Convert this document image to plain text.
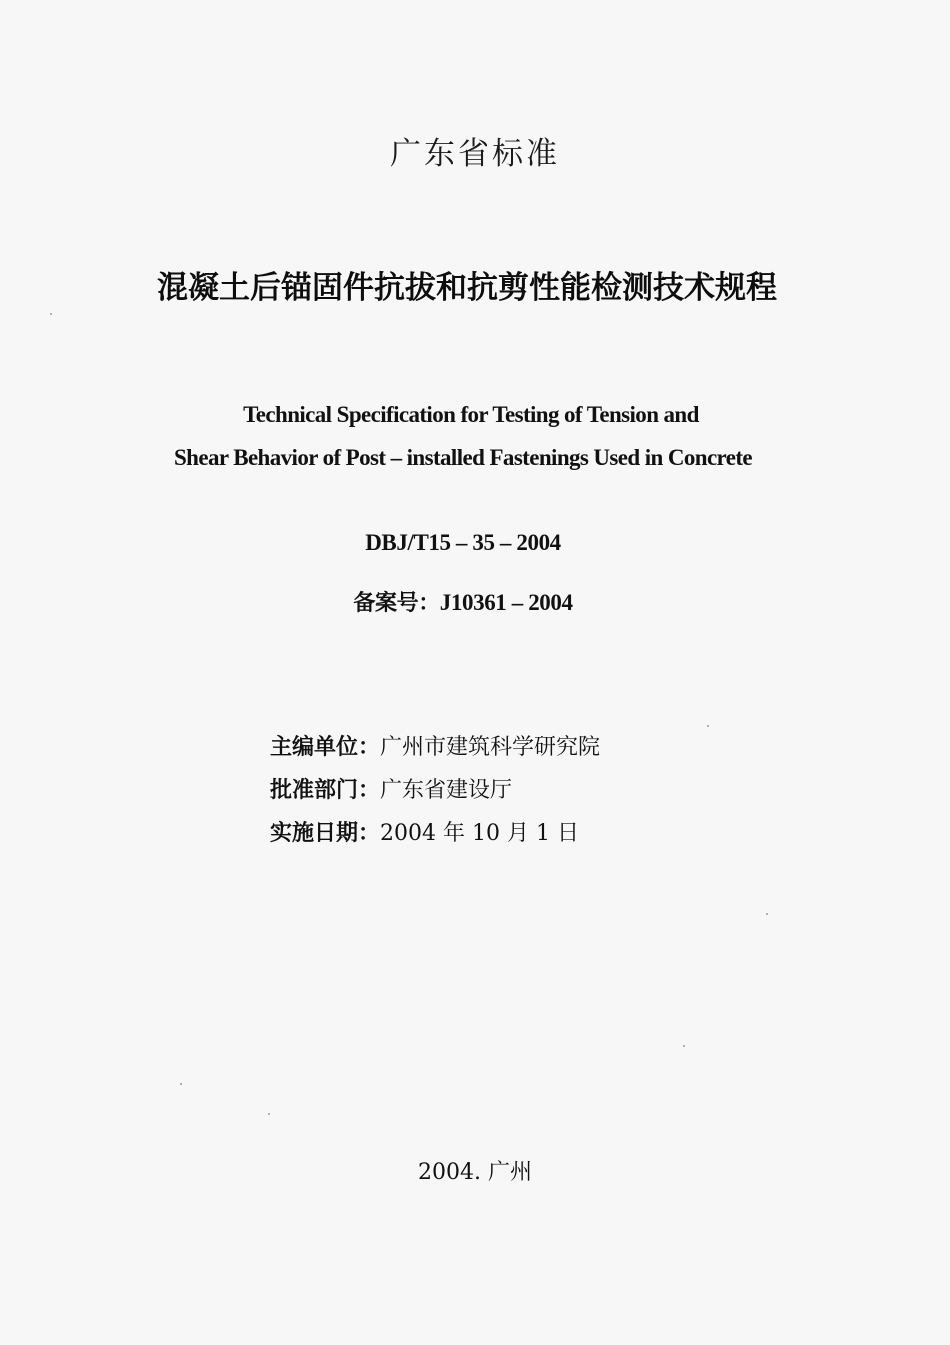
广东省标准
混凝土后锚固件抗拔和抗剪性能检测技术规程
Technical Specification for Testing of Tension and
Shear Behavior of Post – installed Fastenings Used in Concrete
DBJ/T15 – 35 – 2004
备案号：J10361 – 2004
主编单位：广州市建筑科学研究院
批准部门：广东省建设厅
实施日期：2004 年 10 月 1 日
2004. 广州
